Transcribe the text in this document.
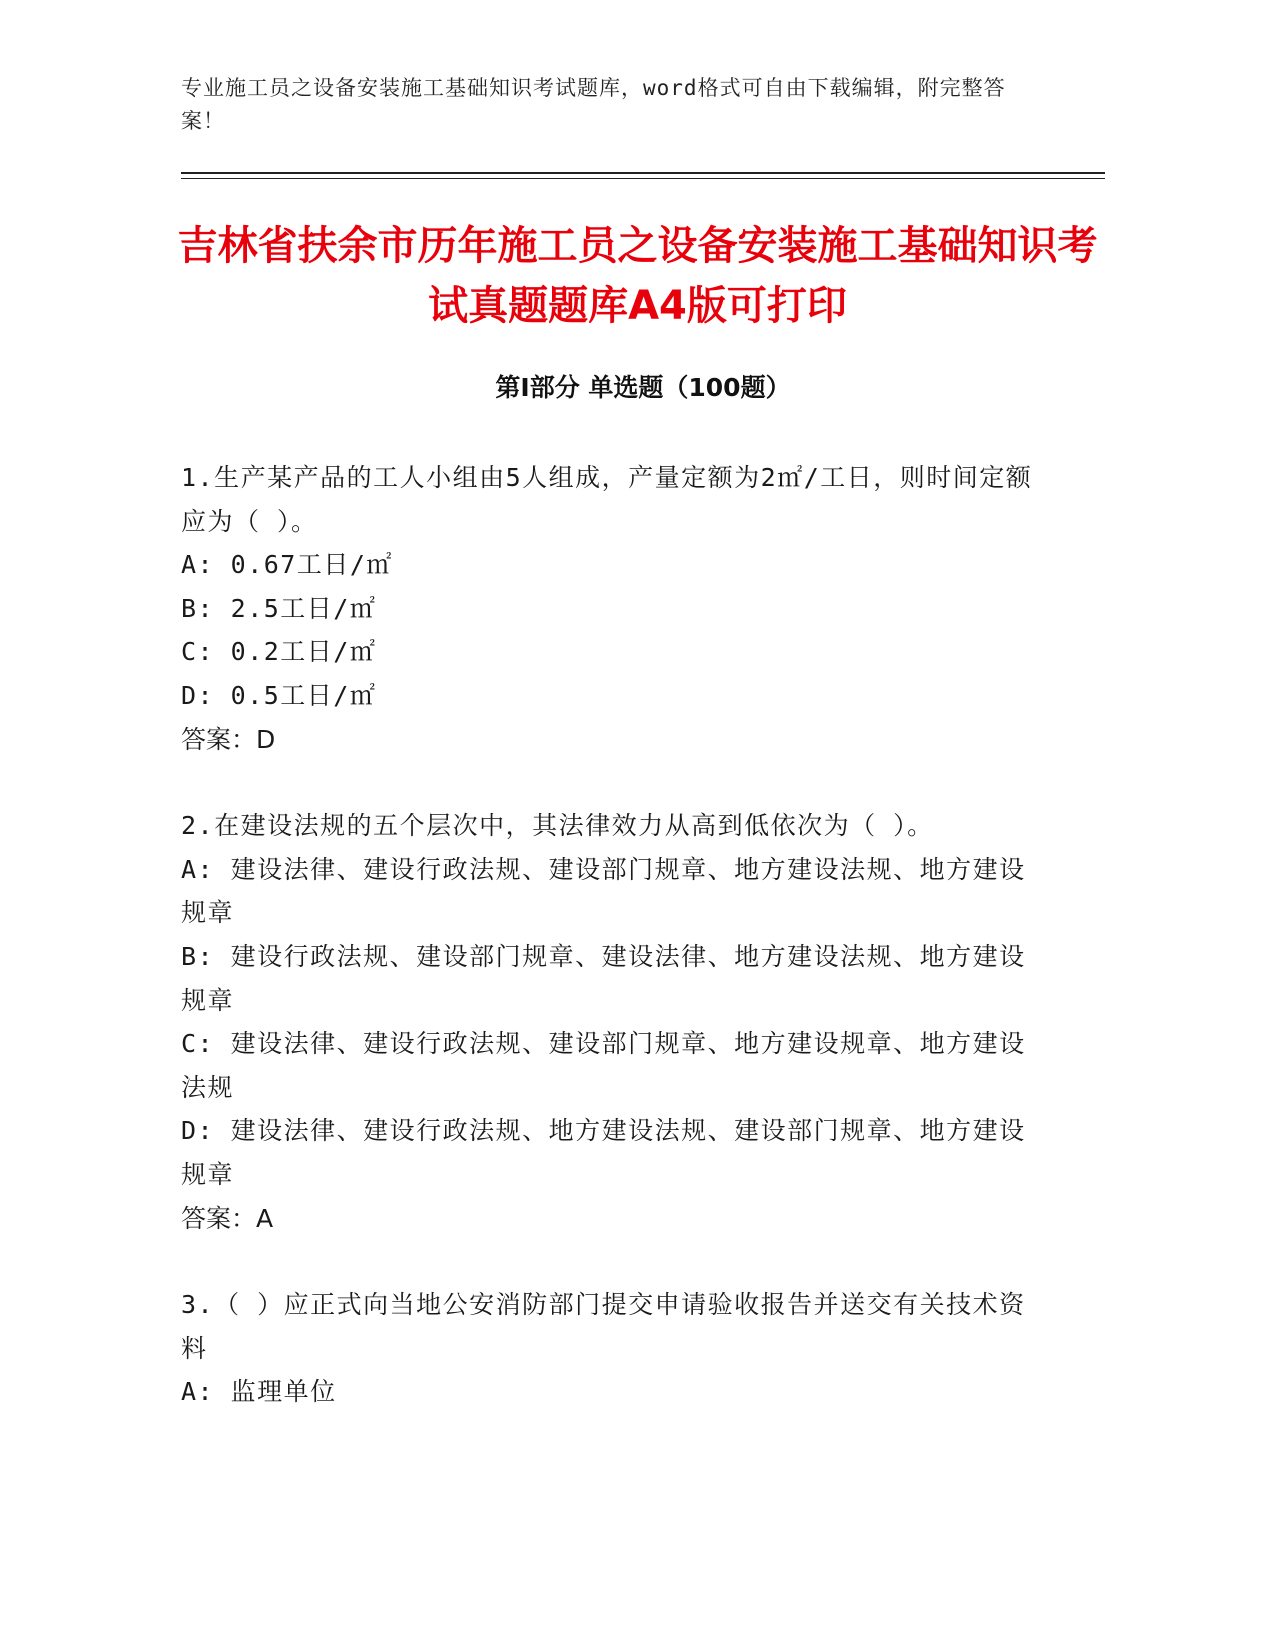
专业施工员之设备安装施工基础知识考试题库，word格式可自由下载编辑，附完整答案！
吉林省扶余市历年施工员之设备安装施工基础知识考试真题题库A4版可打印
第Ⅰ部分 单选题（100题）

1.生产某产品的工人小组由5人组成，产量定额为2㎡/工日，则时间定额应为（ ）。

A: 0.67工日/㎡

B: 2.5工日/㎡

C: 0.2工日/㎡

D: 0.5工日/㎡

答案：D

2.在建设法规的五个层次中，其法律效力从高到低依次为（ ）。

A: 建设法律、建设行政法规、建设部门规章、地方建设法规、地方建设规章

B: 建设行政法规、建设部门规章、建设法律、地方建设法规、地方建设规章

C: 建设法律、建设行政法规、建设部门规章、地方建设规章、地方建设法规

D: 建设法律、建设行政法规、地方建设法规、建设部门规章、地方建设规章

答案：A

3.（ ）应正式向当地公安消防部门提交申请验收报告并送交有关技术资料

A: 监理单位
